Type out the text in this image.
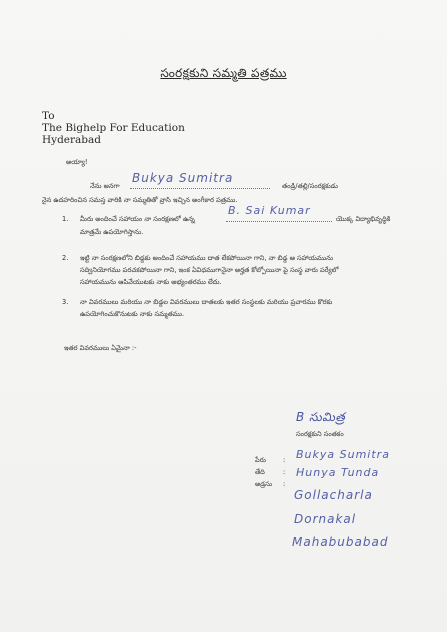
సంరక్షకుని సమ్మతి పత్రము
To
The Bighelp For Education
Hyderabad
అయ్యా!
నేను అనగా
Bukya Sumitra
తండ్రి/తల్లి/సంరక్షకుడు
నైన ఉదహరించిన సమస్త వారికి నా సమ్మతితో వ్రాసి ఇచ్చిన అంగీకార పత్రము.
1. మీరు అందించే సహాయం నా సంరక్షణలో ఉన్న
B. Sai Kumar
యొక్క విద్యాభివృద్ధికి
మాత్రమే ఉపయోగిస్తాను.
2. ఇట్టి నా సంరక్షణలోని బిడ్డకు అందించే సహాయము దాత లేకపోయినా గాని, నా బిడ్డ ఆ సహాయమును
సద్వినియోగము పరచకపోయినా గాని, ఇంక ఏవిధముగానైనా అర్హత కోల్పోయినా పై సంస్థ వారు పర్యేలో
సహాయమును ఆపివేయుటకు నాకు అభ్యంతరము లేదు.
3. నా వివరములు మరియు నా బిడ్డల వివరములు దాతలకు ఇతర సంస్థలకు మరియు ప్రచారము కొరకు
ఉపయోగించుకొనుటకు నాకు సమ్మతము.
ఇతర వివరములు ఏమైనా :-
B సుమిత్ర
సంరక్షకుని సంతకం
పేరు	: Bukya Sumitra
తేది	: Hunya Tunda
అడ్రసు :
Gollacharla
Dornakal
Mahabubabad
